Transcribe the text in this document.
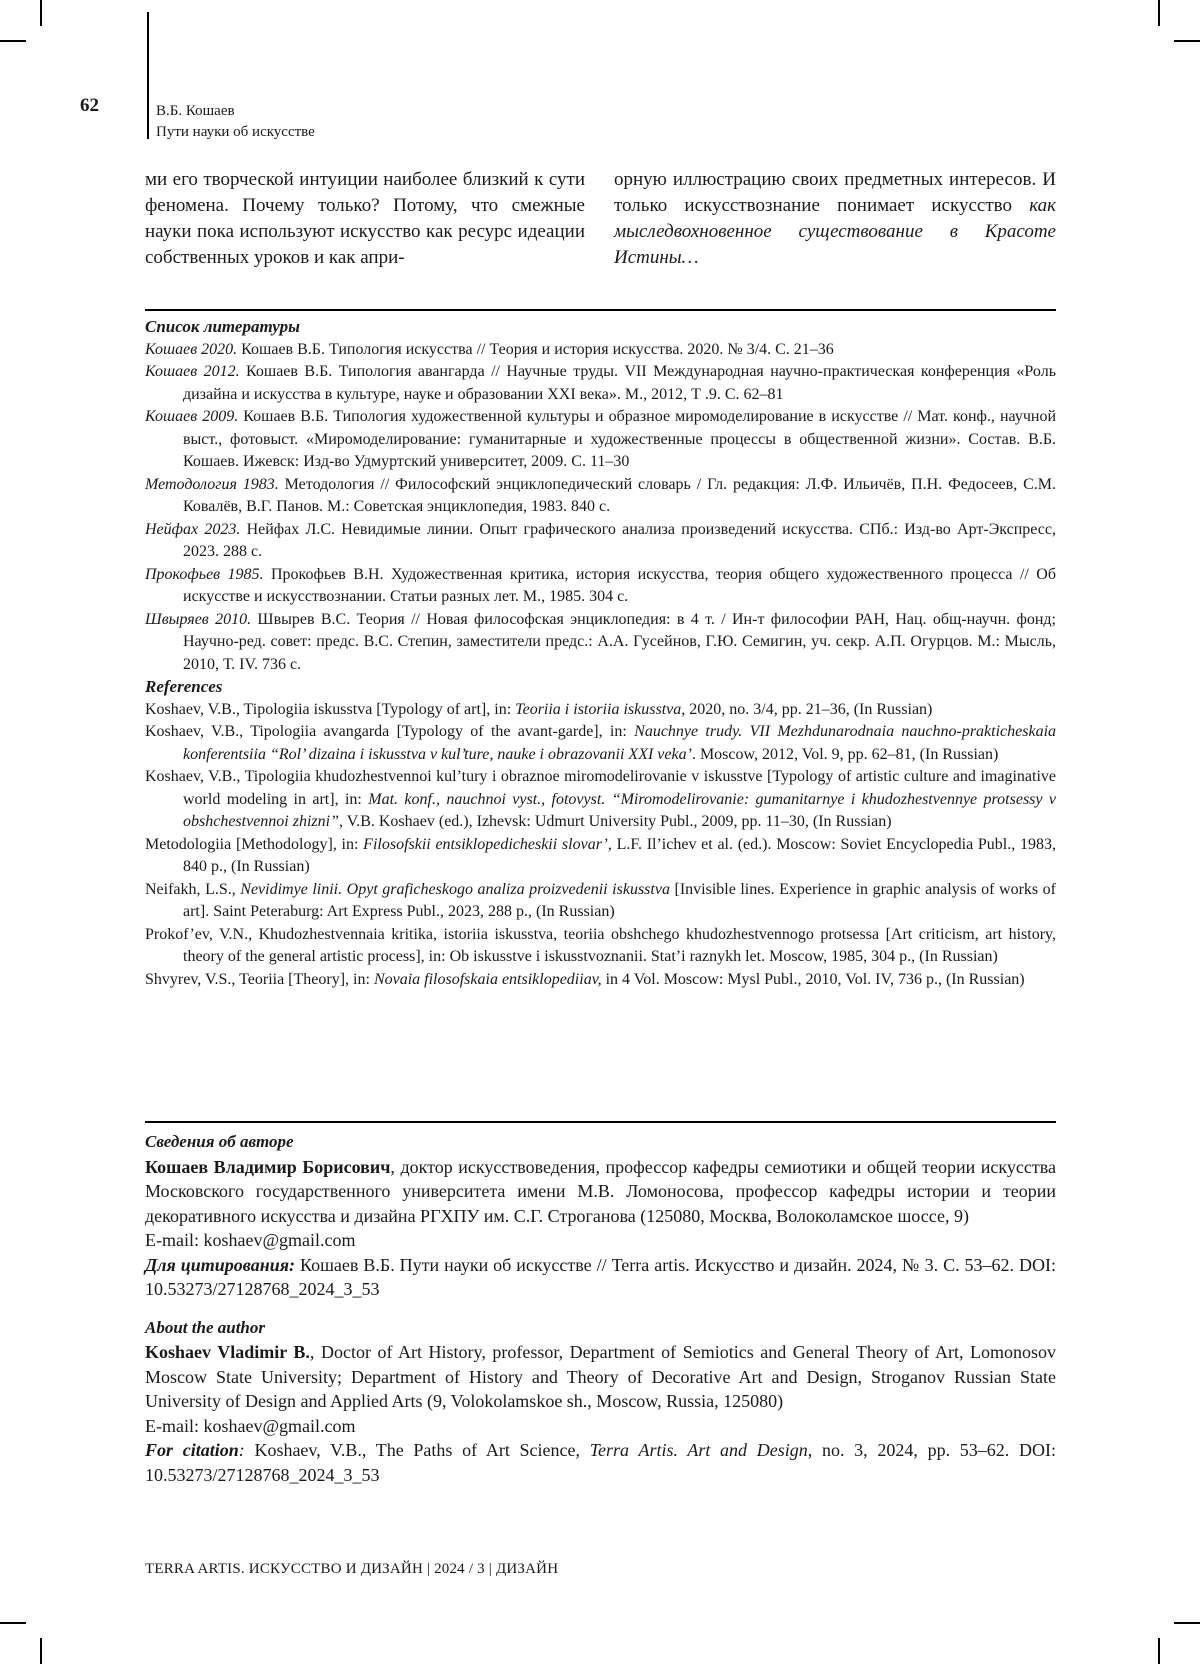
62	В.Б. Кошаев
Пути науки об искусстве
ми его творческой интуиции наиболее близкий к сути феномена. Почему только? Потому, что смежные науки пока используют искусство как ресурс идеации собственных уроков и как апри-
орную иллюстрацию своих предметных интересов. И только искусствознание понимает искусство как мыследвохновенное существование в Красоте Истины…
Список литературы
Кошаев 2020. Кошаев В.Б. Типология искусства // Теория и история искусства. 2020. № 3/4. С. 21–36
Кошаев 2012. Кошаев В.Б. Типология авангарда // Научные труды. VII Международная научно-практическая конференция «Роль дизайна и искусства в культуре, науке и образовании XXI века». М., 2012, Т .9. С. 62–81
Кошаев 2009. Кошаев В.Б. Типология художественной культуры и образное миромоделирование в искусстве // Мат. конф., научной выст., фотовыст. «Миромоделирование: гуманитарные и художественные процессы в общественной жизни». Состав. В.Б. Кошаев. Ижевск: Изд-во Удмуртский университет, 2009. С. 11–30
Методология 1983. Методология // Философский энциклопедический словарь / Гл. редакция: Л.Ф. Ильичёв, П.Н. Федосеев, С.М. Ковалёв, В.Г. Панов. М.: Советская энциклопедия, 1983. 840 с.
Нейфах 2023. Нейфах Л.С. Невидимые линии. Опыт графического анализа произведений искусства. СПб.: Изд-во Арт-Экспресс, 2023. 288 с.
Прокофьев 1985. Прокофьев В.Н. Художественная критика, история искусства, теория общего художественного процесса // Об искусстве и искусствознании. Статьи разных лет. М., 1985. 304 с.
Швыряев 2010. Швырев В.С. Теория // Новая философская энциклопедия: в 4 т. / Ин-т философии РАН, Нац. общ-научн. фонд; Научно-ред. совет: предс. В.С. Степин, заместители предс.: А.А. Гусейнов, Г.Ю. Семигин, уч. секр. А.П. Огурцов. М.: Мысль, 2010, Т. IV. 736 с.
References
Koshaev, V.B., Tipologiia iskusstva [Typology of art], in: Teoriia i istoriia iskusstva, 2020, no. 3/4, pp. 21–36, (In Russian)
Koshaev, V.B., Tipologiia avangarda [Typology of the avant-garde], in: Nauchnye trudy. VII Mezhdunarodnaia nauchno-prakticheskaia konferentsiia “Rol’ dizaina i iskusstva v kul’ture, nauke i obrazovanii XXI veka’. Moscow, 2012, Vol. 9, pp. 62–81, (In Russian)
Koshaev, V.B., Tipologiia khudozhestvennoi kul’tury i obraznoe miromodelirovanie v iskusstve [Typology of artistic culture and imaginative world modeling in art], in: Mat. konf., nauchnoi vyst., fotovyst. “Miromodelirovanie: gumanitarnye i khudozhestvennye protsessy v obshchestvennoi zhizni”, V.B. Koshaev (ed.), Izhevsk: Udmurt University Publ., 2009, pp. 11–30, (In Russian)
Metodologiia [Methodology], in: Filosofskii entsiklopedicheskii slovar’, L.F. Il’ichev et al. (ed.). Moscow: Soviet Encyclopedia Publ., 1983, 840 p., (In Russian)
Neifakh, L.S., Nevidimye linii. Opyt graficheskogo analiza proizvedenii iskusstva [Invisible lines. Experience in graphic analysis of works of art]. Saint Peteraburg: Art Express Publ., 2023, 288 p., (In Russian)
Prokof’ev, V.N., Khudozhestvennaia kritika, istoriia iskusstva, teoriia obshchego khudozhestvennogo protsessa [Art criticism, art history, theory of the general artistic process], in: Ob iskusstve i iskusstvoznanii. Stat’i raznykh let. Moscow, 1985, 304 p., (In Russian)
Shvyrev, V.S., Teoriia [Theory], in: Novaia filosofskaia entsiklopediiav, in 4 Vol. Moscow: Mysl Publ., 2010, Vol. IV, 736 p., (In Russian)

Сведения об авторе

Кошаев Владимир Борисович, доктор искусствоведения, профессор кафедры семиотики и общей теории искусства Московского государственного университета имени М.В. Ломоносова, профессор кафедры истории и теории декоративного искусства и дизайна РГХПУ им. С.Г. Строганова (125080, Москва, Волоколамское шоссе, 9)

E-mail: koshaev@gmail.com

Для цитирования: Кошаев В.Б. Пути науки об искусстве // Terra artis. Искусство и дизайн. 2024, № 3. С. 53–62. DOI: 10.53273/27128768_2024_3_53

About the author

Koshaev Vladimir B., Doctor of Art History, professor, Department of Semiotics and General Theory of Art, Lomonosov Moscow State University; Department of History and Theory of Decorative Art and Design, Stroganov Russian State University of Design and Applied Arts (9, Volokolamskoe sh., Moscow, Russia, 125080)

E-mail: koshaev@gmail.com

For citation: Koshaev, V.B., The Paths of Art Science, Terra Artis. Art and Design, no. 3, 2024, pp. 53–62. DOI: 10.53273/27128768_2024_3_53

TERRA ARTIS. ИСКУССТВО И ДИЗАЙН | 2024 / 3 | ДИЗАЙН
